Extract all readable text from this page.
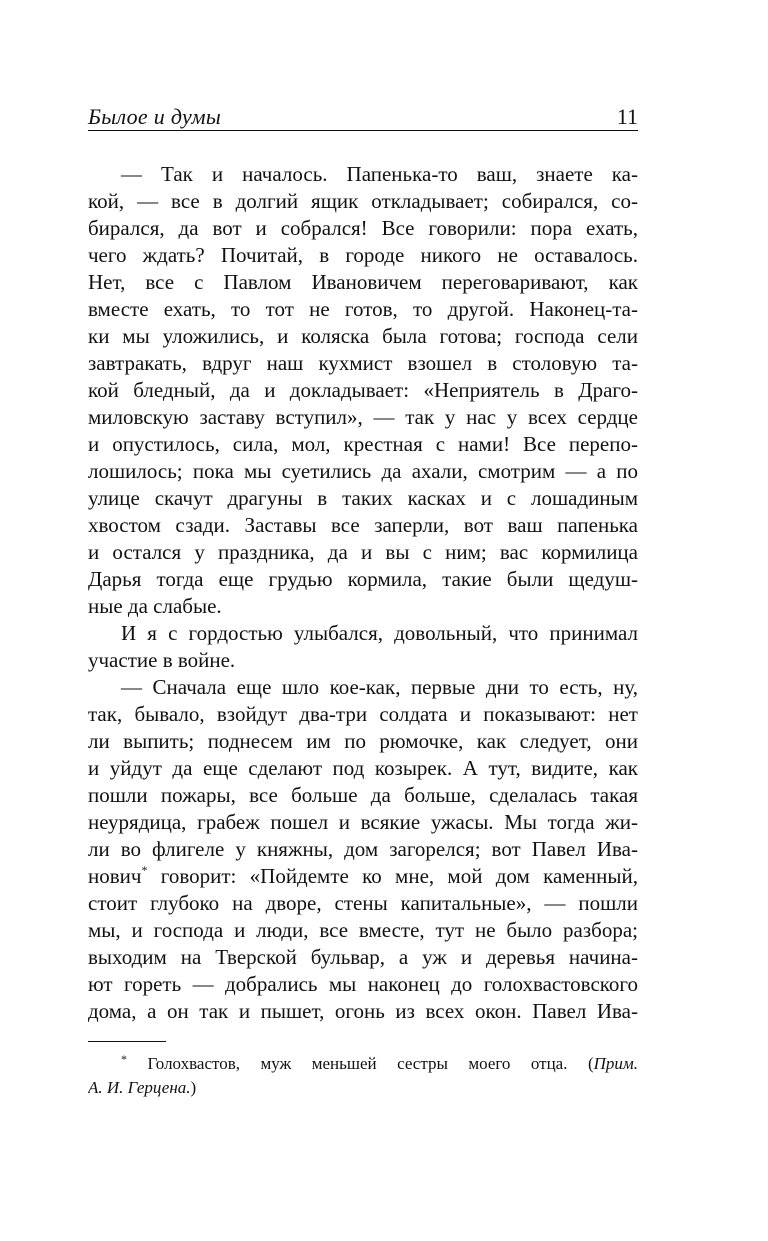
Былое и думы	11
— Так и началось. Папенька-то ваш, знаете ка-
кой, — все в долгий ящик откладывает; собирался, со-
бирался, да вот и собрался! Все говорили: пора ехать,
чего ждать? Почитай, в городе никого не оставалось.
Нет, все с Павлом Ивановичем переговаривают, как
вместе ехать, то тот не готов, то другой. Наконец-та-
ки мы уложились, и коляска была готова; господа сели
завтракать, вдруг наш кухмист взошел в столовую та-
кой бледный, да и докладывает: «Неприятель в Драго-
миловскую заставу вступил», — так у нас у всех сердце
и опустилось, сила, мол, крестная с нами! Все перепо-
лошилось; пока мы суетились да ахали, смотрим — а по
улице скачут драгуны в таких касках и с лошадиным
хвостом сзади. Заставы все заперли, вот ваш папенька
и остался у праздника, да и вы с ним; вас кормилица
Дарья тогда еще грудью кормила, такие были щедуш-
ные да слабые.
И я с гордостью улыбался, довольный, что принимал
участие в войне.
— Сначала еще шло кое-как, первые дни то есть, ну,
так, бывало, взойдут два-три солдата и показывают: нет
ли выпить; поднесем им по рюмочке, как следует, они
и уйдут да еще сделают под козырек. А тут, видите, как
пошли пожары, все больше да больше, сделалась такая
неурядица, грабеж пошел и всякие ужасы. Мы тогда жи-
ли во флигеле у княжны, дом загорелся; вот Павел Ива-
нович* говорит: «Пойдемте ко мне, мой дом каменный,
стоит глубоко на дворе, стены капитальные», — пошли
мы, и господа и люди, все вместе, тут не было разбора;
выходим на Тверской бульвар, а уж и деревья начина-
ют гореть — добрались мы наконец до голохвастовского
дома, а он так и пышет, огонь из всех окон. Павел Ива-
* Голохвастов, муж меньшей сестры моего отца. (Прим.
А. И. Герцена.)
